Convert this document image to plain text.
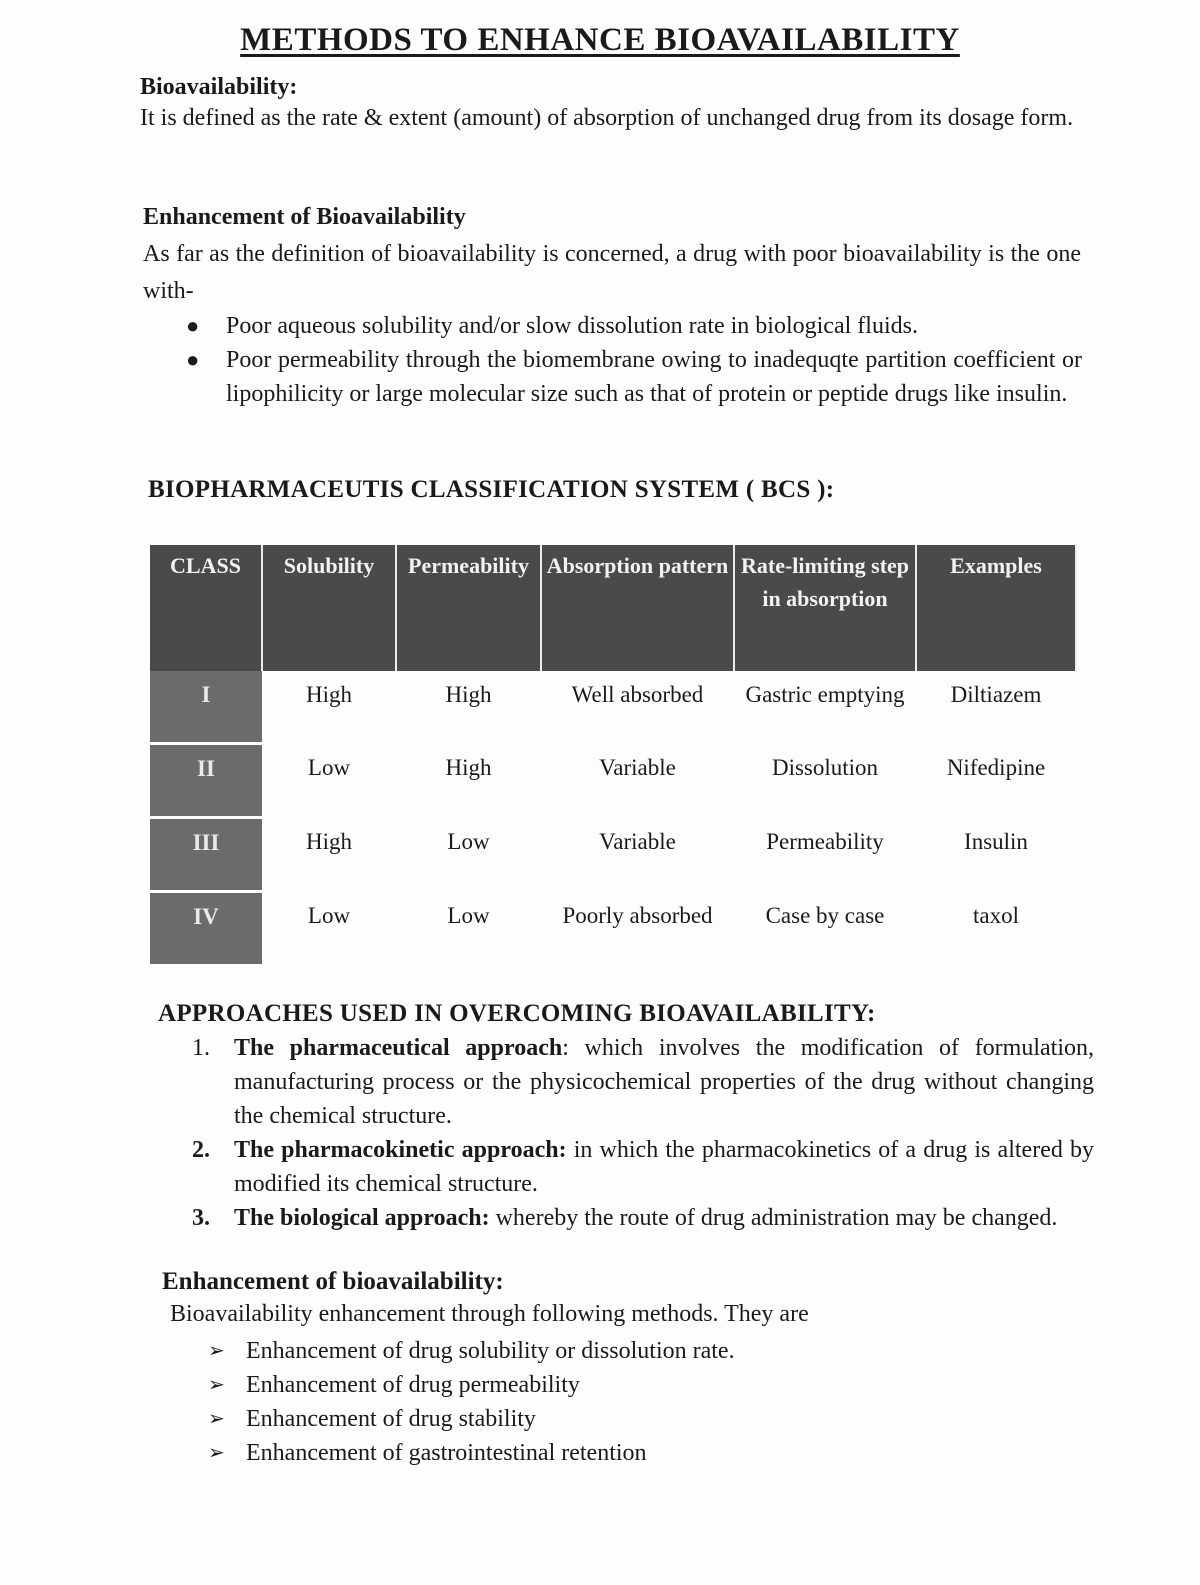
METHODS TO ENHANCE BIOAVAILABILITY
Bioavailability:
It is defined as the rate & extent (amount) of absorption of unchanged drug from its dosage form.
Enhancement of Bioavailability
As far as the definition of bioavailability is concerned, a drug with poor bioavailability is the one with-
● Poor aqueous solubility and/or slow dissolution rate in biological fluids.
● Poor permeability through the biomembrane owing to inadequqte partition coefficient or lipophilicity or large molecular size such as that of protein or peptide drugs like insulin.
BIOPHARMACEUTIS CLASSIFICATION SYSTEM ( BCS ):
CLASS	Solubility	Permeability	Absorption pattern	Rate-limiting step in absorption	Examples
I	High	High	Well absorbed	Gastric emptying	Diltiazem
II	Low	High	Variable	Dissolution	Nifedipine
III	High	Low	Variable	Permeability	Insulin
IV	Low	Low	Poorly absorbed	Case by case	taxol
APPROACHES USED IN OVERCOMING BIOAVAILABILITY:
1. The pharmaceutical approach: which involves the modification of formulation, manufacturing process or the physicochemical properties of the drug without changing the chemical structure.
2. The pharmacokinetic approach: in which the pharmacokinetics of a drug is altered by modified its chemical structure.
3. The biological approach: whereby the route of drug administration may be changed.
Enhancement of bioavailability:
Bioavailability enhancement through following methods. They are
➢ Enhancement of drug solubility or dissolution rate.
➢ Enhancement of drug permeability
➢ Enhancement of drug stability
➢ Enhancement of gastrointestinal retention
